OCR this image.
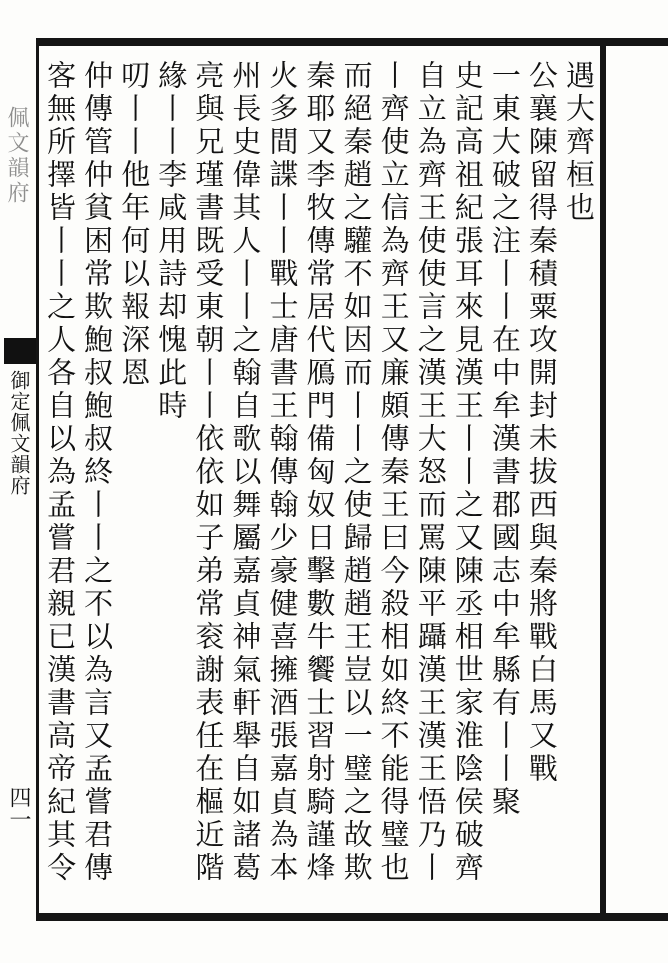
佩文韻府
御定佩文韻府
四一
遇大齊桓也
公襄陳留得秦積粟攻開封未拔西與秦將戰白馬又戰
一東大破之注丨丨在中牟漢書郡國志中牟縣有丨丨聚
史記高祖紀張耳來見漢王丨丨之又陳丞相世家淮陰侯破齊
自立為齊王使使言之漢王大怒而罵陳平躡漢王漢王悟乃丨
丨齊使立信為齊王又廉頗傳秦王曰今殺相如終不能得璧也
而絕秦趙之驩不如因而丨丨之使歸趙趙王豈以一璧之故欺
秦耶又李牧傳常居代鴈門備匈奴日擊數牛饗士習射騎謹烽
火多間諜丨丨戰士唐書王翰傳翰少豪健喜擁酒張嘉貞為本
州長史偉其人丨丨之翰自歌以舞屬嘉貞神氣軒舉自如諸葛
亮與兄瑾書既受東朝丨丨依依如子弟常衮謝表任在樞近階
緣丨丨李咸用詩却愧此時
叨丨丨他年何以報深恩
仲傳管仲貧困常欺鮑叔鮑叔終丨丨之不以為言又孟嘗君傳
客無所擇皆丨丨之人各自以為孟嘗君親已漢書高帝紀其令
